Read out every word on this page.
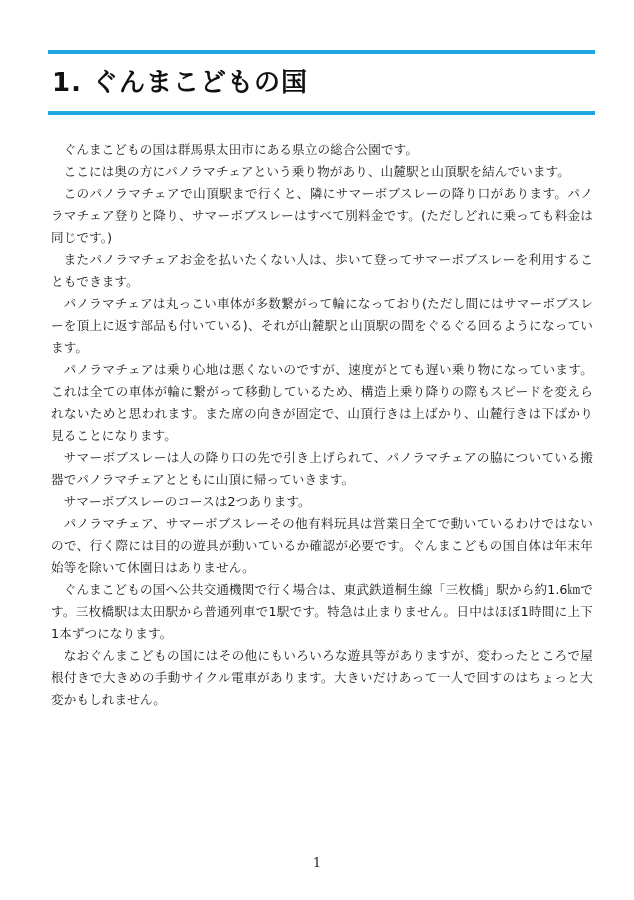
1. ぐんまこどもの国

ぐんまこどもの国は群馬県太田市にある県立の総合公園です。

ここには奥の方にパノラマチェアという乗り物があり、山麓駅と山頂駅を結んでいます。

このパノラマチェアで山頂駅まで行くと、隣にサマーボブスレーの降り口があります。パノラマチェア登りと降り、サマーボブスレーはすべて別料金です。(ただしどれに乗っても料金は同じです。)

またパノラマチェアお金を払いたくない人は、歩いて登ってサマーボブスレーを利用することもできます。

パノラマチェアは丸っこい車体が多数繋がって輪になっており(ただし間にはサマーボブスレーを頂上に返す部品も付いている)、それが山麓駅と山頂駅の間をぐるぐる回るようになっています。

パノラマチェアは乗り心地は悪くないのですが、速度がとても遅い乗り物になっています。これは全ての車体が輪に繋がって移動しているため、構造上乗り降りの際もスピードを変えられないためと思われます。また席の向きが固定で、山頂行きは上ばかり、山麓行きは下ばかり見ることになります。

サマーボブスレーは人の降り口の先で引き上げられて、パノラマチェアの脇についている搬器でパノラマチェアとともに山頂に帰っていきます。

サマーボブスレーのコースは2つあります。

パノラマチェア、サマーボブスレーその他有料玩具は営業日全てで動いているわけではないので、行く際には目的の遊具が動いているか確認が必要です。ぐんまこどもの国自体は年末年始等を除いて休園日はありません。

ぐんまこどもの国へ公共交通機関で行く場合は、東武鉄道桐生線「三枚橋」駅から約1.6㎞です。三枚橋駅は太田駅から普通列車で1駅です。特急は止まりません。日中はほぼ1時間に上下1本ずつになります。

なおぐんまこどもの国にはその他にもいろいろな遊具等がありますが、変わったところで屋根付きで大きめの手動サイクル電車があります。大きいだけあって一人で回すのはちょっと大変かもしれません。

1
